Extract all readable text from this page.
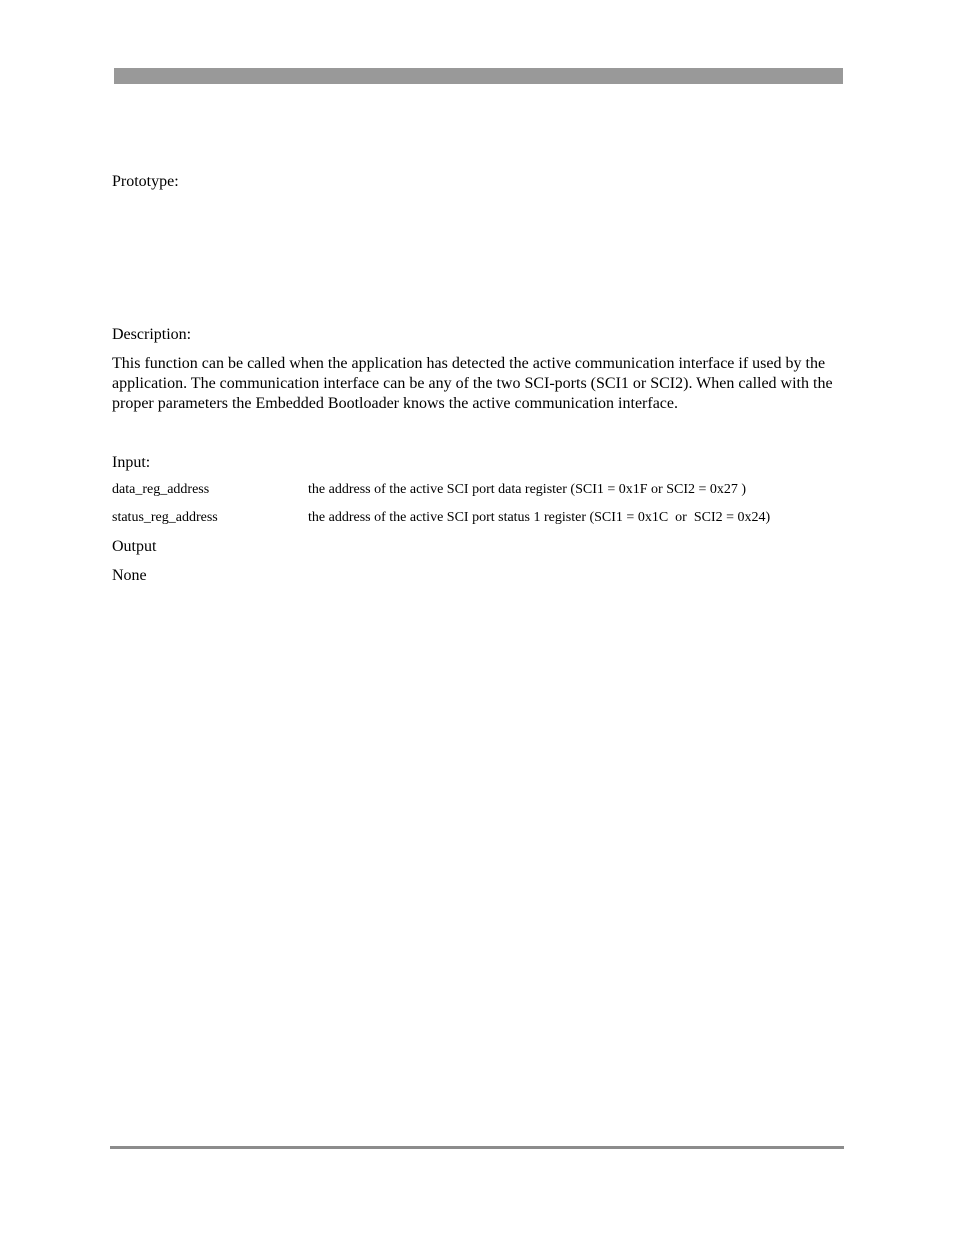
Prototype:
Description:
This function can be called when the application has detected the active communication interface if used by the application. The communication interface can be any of the two SCI-ports (SCI1 or SCI2). When called with the proper parameters the Embedded Bootloader knows the active communication interface.
Input:
data_reg_address	the address of the active SCI port data register (SCI1 = 0x1F or SCI2 = 0x27 )
status_reg_address	the address of the active SCI port status 1 register (SCI1 = 0x1C  or  SCI2 = 0x24)
Output
None
